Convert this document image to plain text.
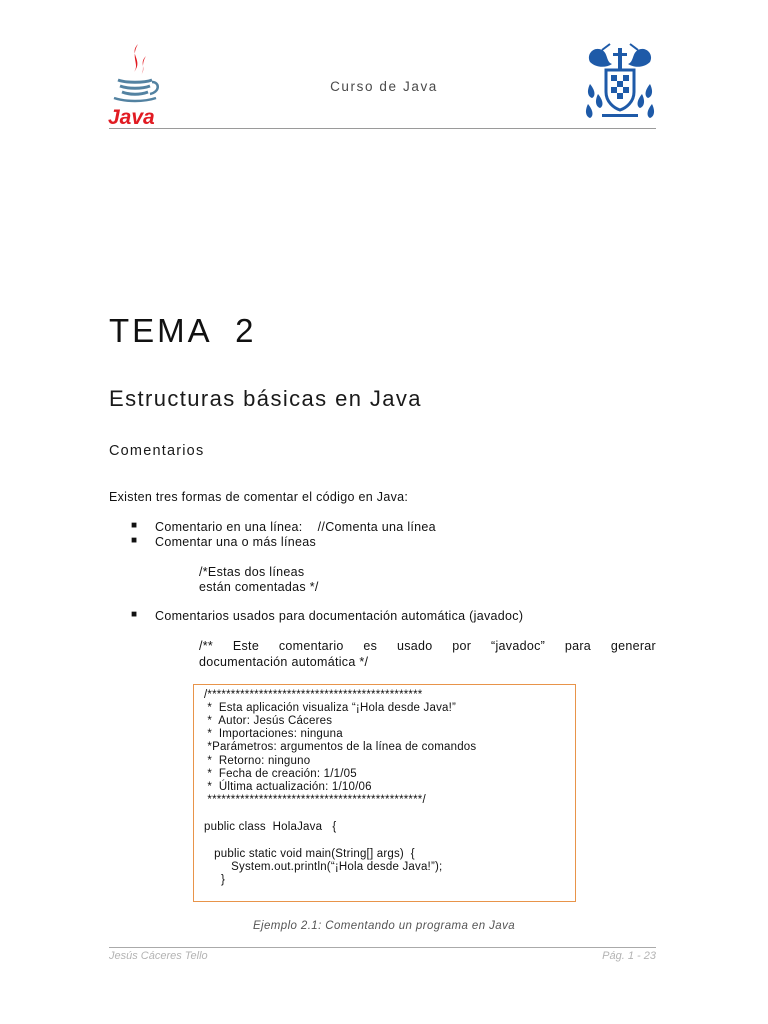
Java
Curso de Java
TEMA  2
Estructuras básicas en Java
Comentarios
Existen tres formas de comentar el código en Java:
■ Comentario en una línea:    //Comenta una línea
■ Comentar una o más líneas
/*Estas dos líneas
están comentadas */
■ Comentarios usados para documentación automática (javadoc)
/** Este comentario es usado por “javadoc” para generar
documentación automática */
/**********************************************
*  Esta aplicación visualiza “¡Hola desde Java!”
*  Autor: Jesús Cáceres
*  Importaciones: ninguna
*Parámetros: argumentos de la línea de comandos
*  Retorno: ninguno
*  Fecha de creación: 1/1/05
*  Última actualización: 1/10/06
**********************************************/
public class  HolaJava   {
public static void main(String[] args)  {
System.out.println(“¡Hola desde Java!”);
}
Ejemplo 2.1: Comentando un programa en Java
Jesús Cáceres Tello	Pág. 1 - 23
